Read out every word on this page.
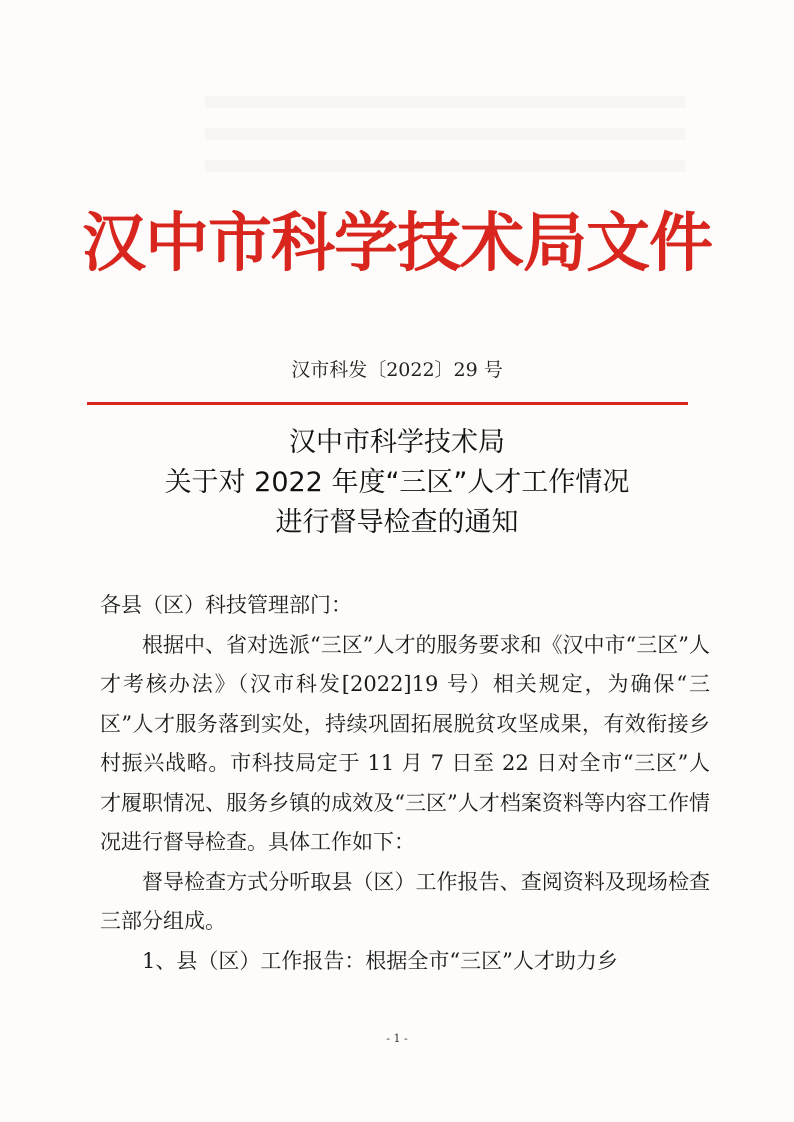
汉中市科学技术局文件
汉市科发〔2022〕29 号
汉中市科学技术局
关于对 2022 年度“三区”人才工作情况
进行督导检查的通知

各县（区）科技管理部门：

根据中、省对选派“三区”人才的服务要求和《汉中市“三区”人才考核办法》（汉市科发[2022]19 号）相关规定，为确保“三区”人才服务落到实处，持续巩固拓展脱贫攻坚成果，有效衔接乡村振兴战略。市科技局定于 11 月 7 日至 22 日对全市“三区”人才履职情况、服务乡镇的成效及“三区”人才档案资料等内容工作情况进行督导检查。具体工作如下：

督导检查方式分听取县（区）工作报告、查阅资料及现场检查三部分组成。

1、县（区）工作报告：根据全市“三区”人才助力乡

- 1 -
